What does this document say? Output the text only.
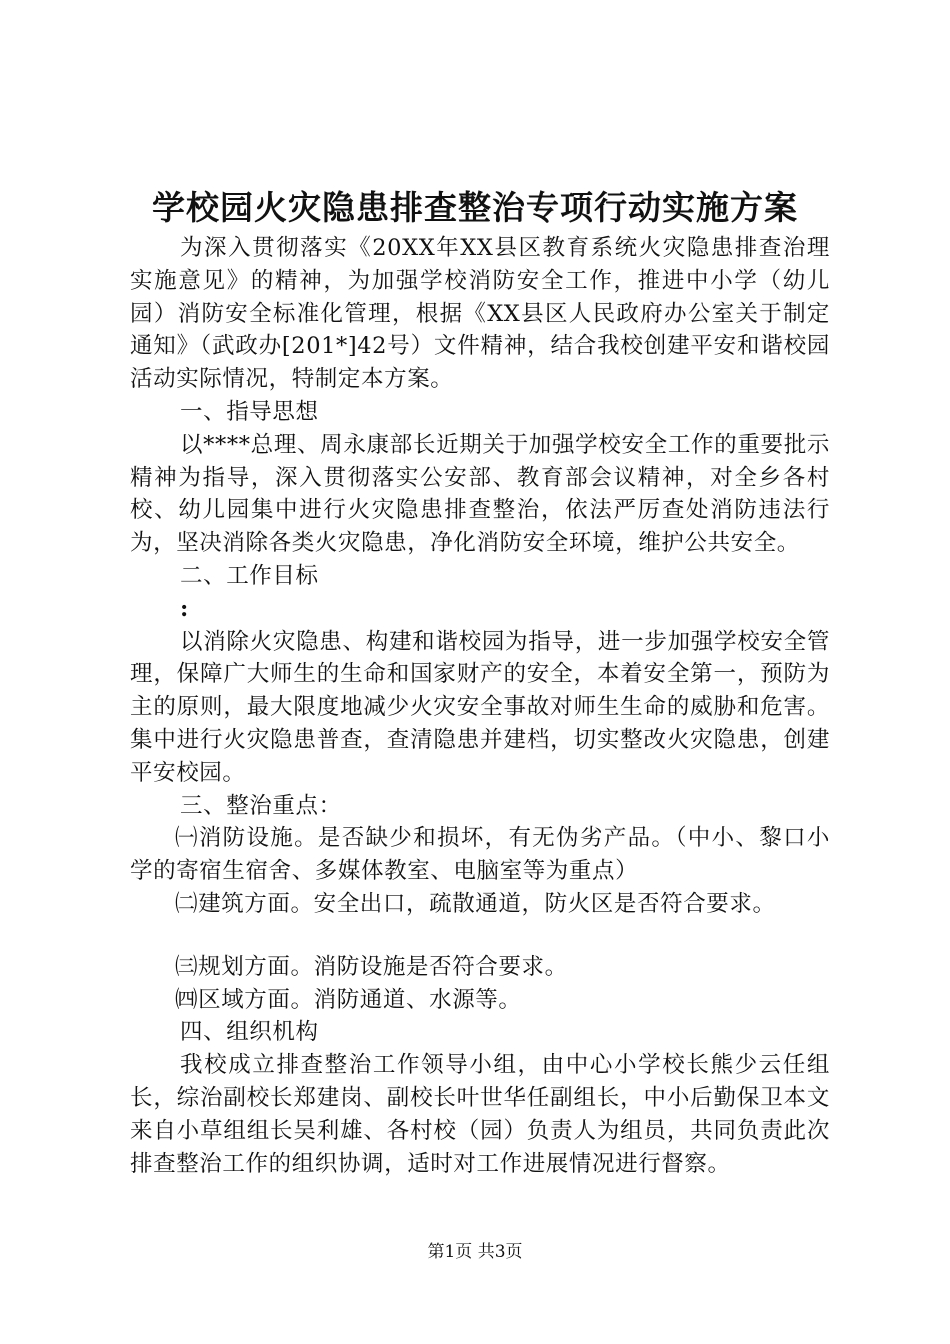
学校园火灾隐患排查整治专项行动实施方案

为深入贯彻落实《20XX年XX县区教育系统火灾隐患排查治理实施意见》的精神，为加强学校消防安全工作，推进中小学（幼儿园）消防安全标准化管理，根据《XX县区人民政府办公室关于制定通知》（武政办[201*]42号）文件精神，结合我校创建平安和谐校园活动实际情况，特制定本方案。

一、指导思想

以****总理、周永康部长近期关于加强学校安全工作的重要批示精神为指导，深入贯彻落实公安部、教育部会议精神，对全乡各村校、幼儿园集中进行火灾隐患排查整治，依法严厉查处消防违法行为，坚决消除各类火灾隐患，净化消防安全环境，维护公共安全。

二、工作目标

:

以消除火灾隐患、构建和谐校园为指导，进一步加强学校安全管理，保障广大师生的生命和国家财产的安全，本着安全第一，预防为主的原则，最大限度地减少火灾安全事故对师生生命的威胁和危害。集中进行火灾隐患普查，查清隐患并建档，切实整改火灾隐患，创建平安校园。

三、整治重点：

㈠消防设施。是否缺少和损坏，有无伪劣产品。（中小、黎口小学的寄宿生宿舍、多媒体教室、电脑室等为重点）

㈡建筑方面。安全出口，疏散通道，防火区是否符合要求。

㈢规划方面。消防设施是否符合要求。

㈣区域方面。消防通道、水源等。

四、组织机构

我校成立排查整治工作领导小组，由中心小学校长熊少云任组长，综治副校长郑建岗、副校长叶世华任副组长，中小后勤保卫本文来自小草组组长吴利雄、各村校（园）负责人为组员，共同负责此次排查整治工作的组织协调，适时对工作进展情况进行督察。

第1页 共3页
